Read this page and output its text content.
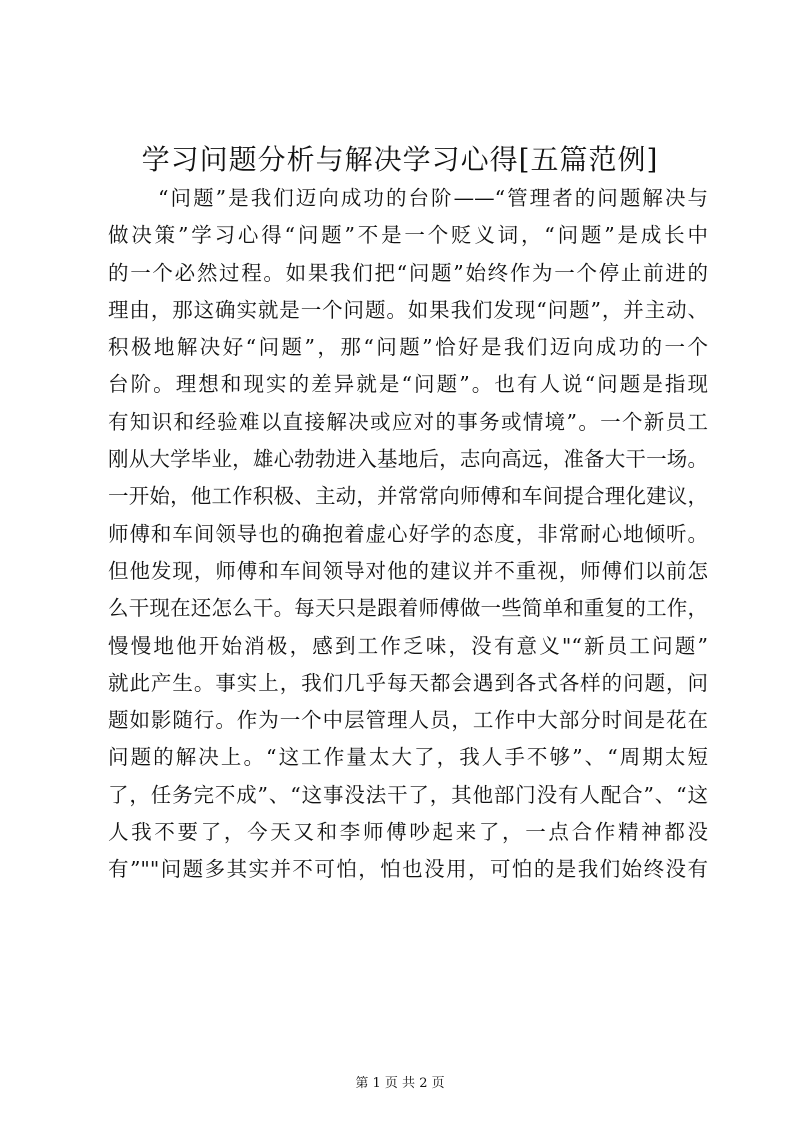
学习问题分析与解决学习心得[五篇范例]
“问题”是我们迈向成功的台阶——“管理者的问题解决与
做决策”学习心得“问题”不是一个贬义词，“问题”是成长中
的一个必然过程。如果我们把“问题”始终作为一个停止前进的
理由，那这确实就是一个问题。如果我们发现“问题”，并主动、
积极地解决好“问题”，那“问题”恰好是我们迈向成功的一个
台阶。理想和现实的差异就是“问题”。也有人说“问题是指现
有知识和经验难以直接解决或应对的事务或情境”。一个新员工
刚从大学毕业，雄心勃勃进入基地后，志向高远，准备大干一场。
一开始，他工作积极、主动，并常常向师傅和车间提合理化建议，
师傅和车间领导也的确抱着虚心好学的态度，非常耐心地倾听。
但他发现，师傅和车间领导对他的建议并不重视，师傅们以前怎
么干现在还怎么干。每天只是跟着师傅做一些简单和重复的工作，
慢慢地他开始消极，感到工作乏味，没有意义"“新员工问题”
就此产生。事实上，我们几乎每天都会遇到各式各样的问题，问
题如影随行。作为一个中层管理人员，工作中大部分时间是花在
问题的解决上。“这工作量太大了，我人手不够”、“周期太短
了，任务完不成”、“这事没法干了，其他部门没有人配合”、“这
人我不要了，今天又和李师傅吵起来了，一点合作精神都没
有”""问题多其实并不可怕，怕也没用，可怕的是我们始终没有
第 1 页 共 2 页
